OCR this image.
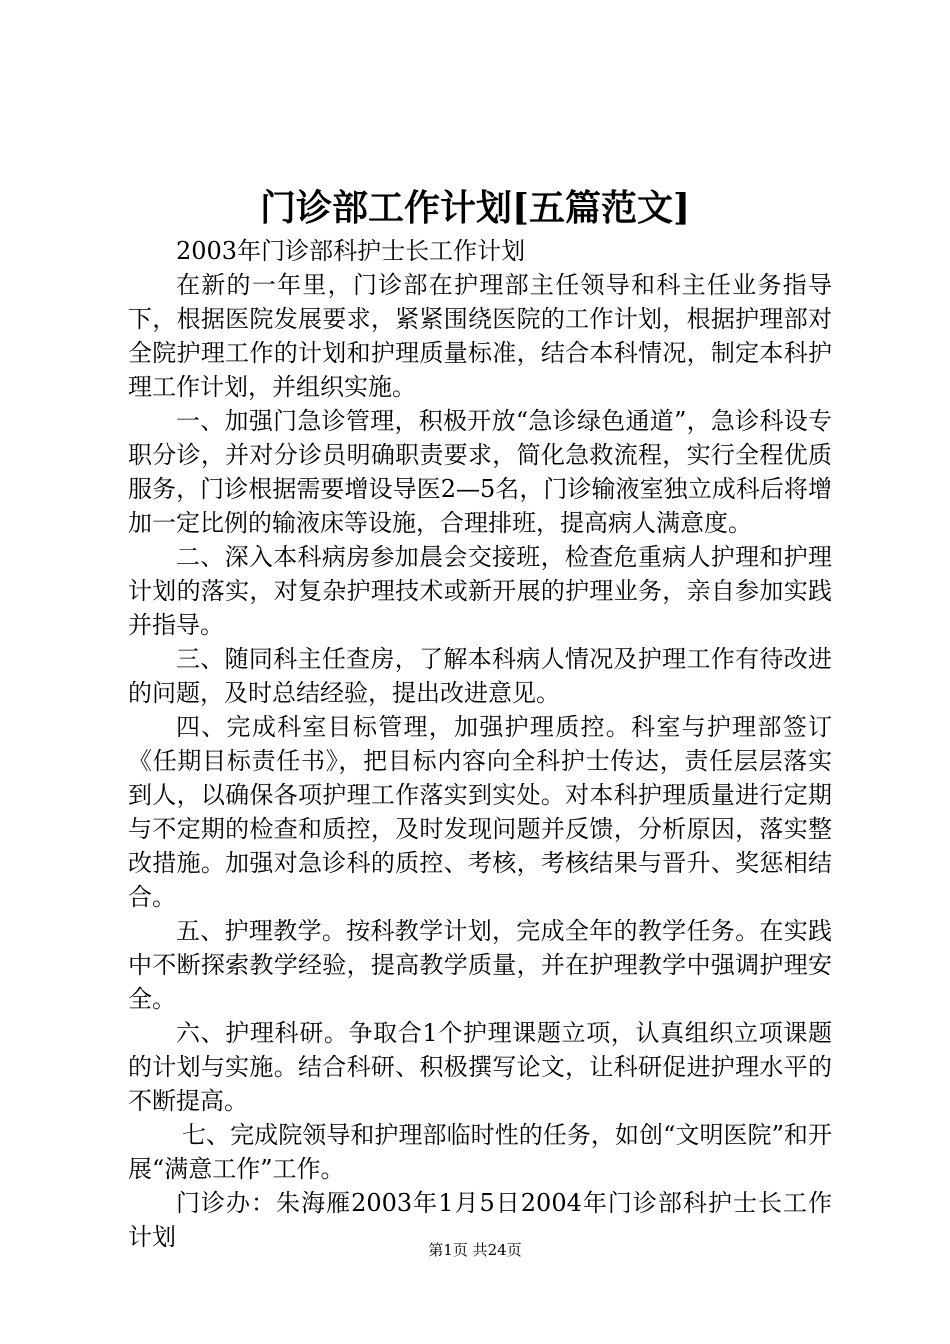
门诊部工作计划[五篇范文]

2003年门诊部科护士长工作计划

在新的一年里，门诊部在护理部主任领导和科主任业务指导下，根据医院发展要求，紧紧围绕医院的工作计划，根据护理部对全院护理工作的计划和护理质量标准，结合本科情况，制定本科护理工作计划，并组织实施。

一、加强门急诊管理，积极开放“急诊绿色通道”，急诊科设专职分诊，并对分诊员明确职责要求，简化急救流程，实行全程优质服务，门诊根据需要增设导医2—5名，门诊输液室独立成科后将增加一定比例的输液床等设施，合理排班，提高病人满意度。

二、深入本科病房参加晨会交接班，检查危重病人护理和护理计划的落实，对复杂护理技术或新开展的护理业务，亲自参加实践并指导。

三、随同科主任查房，了解本科病人情况及护理工作有待改进的问题，及时总结经验，提出改进意见。

四、完成科室目标管理，加强护理质控。科室与护理部签订《任期目标责任书》，把目标内容向全科护士传达，责任层层落实到人，以确保各项护理工作落实到实处。对本科护理质量进行定期与不定期的检查和质控，及时发现问题并反馈，分析原因，落实整改措施。加强对急诊科的质控、考核，考核结果与晋升、奖惩相结合。

五、护理教学。按科教学计划，完成全年的教学任务。在实践中不断探索教学经验，提高教学质量，并在护理教学中强调护理安全。

六、护理科研。争取合1个护理课题立项，认真组织立项课题的计划与实施。结合科研、积极撰写论文，让科研促进护理水平的不断提高。

七、完成院领导和护理部临时性的任务，如创“文明医院”和开展“满意工作”工作。

门诊办：朱海雁2003年1月5日2004年门诊部科护士长工作计划	第1页 共24页
